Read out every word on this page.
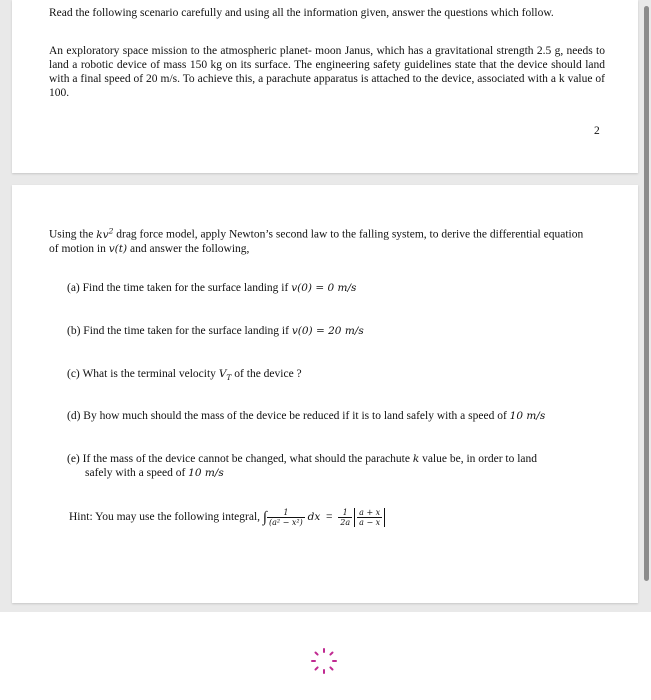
Read the following scenario carefully and using all the information given, answer the questions which follow.

An exploratory space mission to the atmospheric planet- moon Janus, which has a gravitational strength 2.5 g, needs to land a robotic device of mass 150 kg on its surface. The engineering safety guidelines state that the device should land with a final speed of 20 m/s. To achieve this, a parachute apparatus is attached to the device, associated with a k value of 100.

2

Using the $kv^2$ drag force model, apply Newton’s second law to the falling system, to derive the differential equation of motion in v(t) and answer the following,

(a) Find the time taken for the surface landing if v(0) = 0 m/s

(b) Find the time taken for the surface landing if v(0) = 20 m/s

(c) What is the terminal velocity $V_T$ of the device ?

(d) By how much should the mass of the device be reduced if it is to land safely with a speed of 10 m/s

(e) If the mass of the device cannot be changed, what should the parachute k value be, in order to land

safely with a speed of 10 m/s

Hint: You may use the following integral, ∫ $\frac{1}{\text{(a² − x²)}}$ dx = $\frac{1}{2a} \frac{a + x}{a - x}$
